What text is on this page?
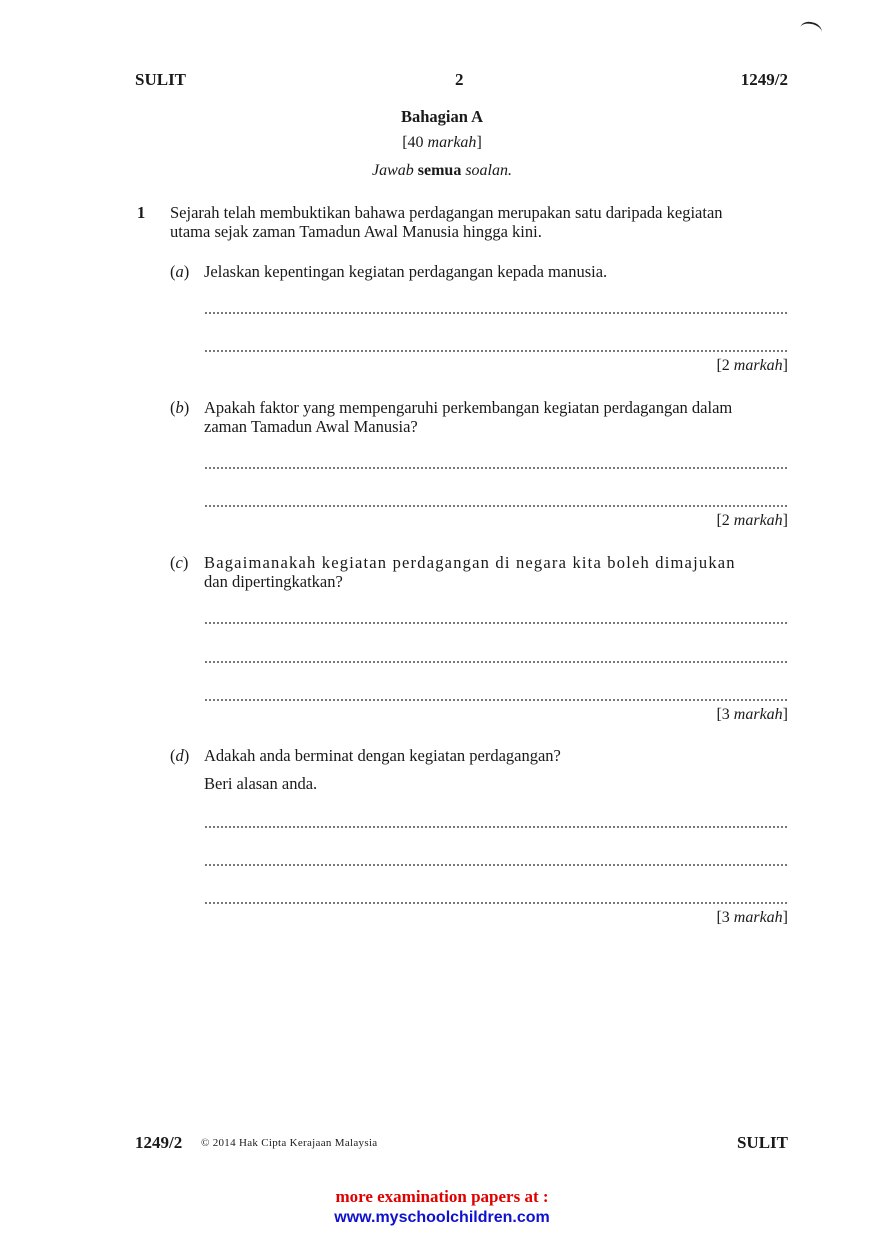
SULIT	2	1249/2
Bahagian A
[40 markah]
Jawab semua soalan.
1 Sejarah telah membuktikan bahawa perdagangan merupakan satu daripada kegiatan
utama sejak zaman Tamadun Awal Manusia hingga kini.
(a) Jelaskan kepentingan kegiatan perdagangan kepada manusia.
[2 markah]
(b) Apakah faktor yang mempengaruhi perkembangan kegiatan perdagangan dalam
zaman Tamadun Awal Manusia?
[2 markah]
(c) Bagaimanakah kegiatan perdagangan di negara kita boleh dimajukan
dan dipertingkatkan?
[3 markah]
(d) Adakah anda berminat dengan kegiatan perdagangan?
Beri alasan anda.
[3 markah]
1249/2 © 2014 Hak Cipta Kerajaan Malaysia	SULIT
more examination papers at :
www.myschoolchildren.com
